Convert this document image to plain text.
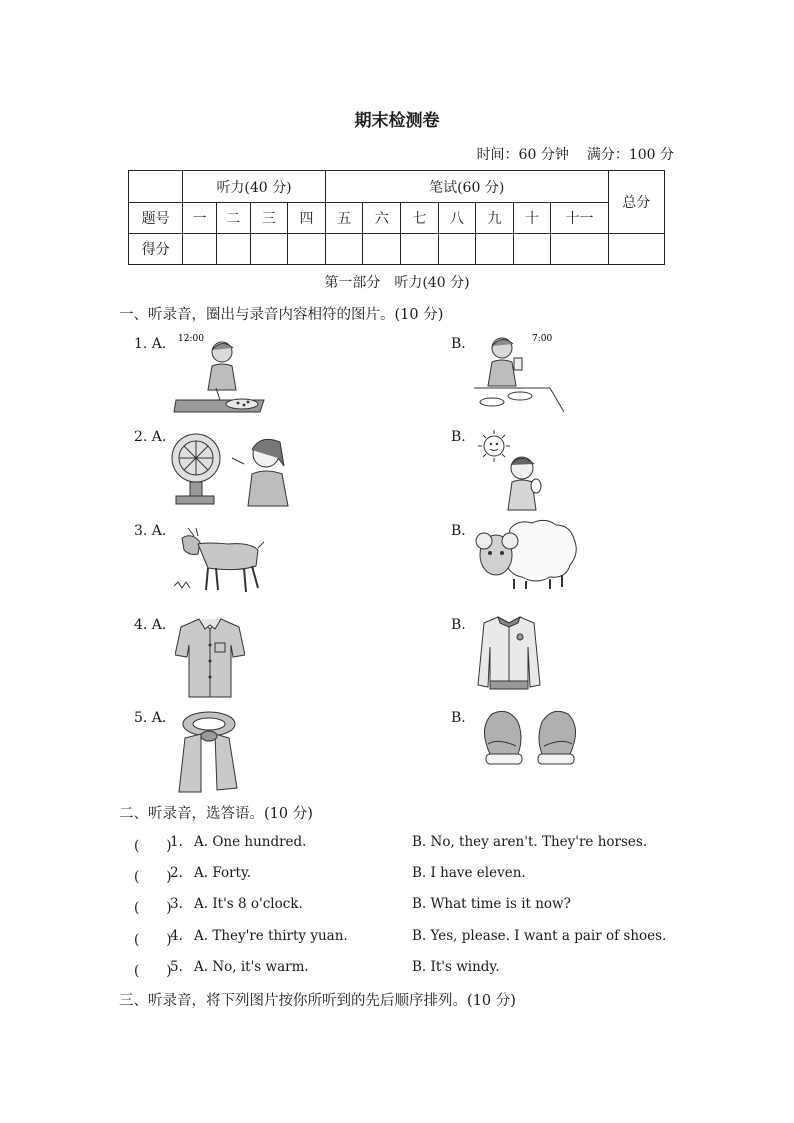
期末检测卷
时间：60 分钟 满分：100 分
	听力(40 分)				笔试(60 分)							总分
题号	一	二	三	四	五	六	七	八	九	十	十一	
得分												
第一部分　听力(40 分)
一、听录音，圈出与录音内容相符的图片。(10 分)
1. A. 12:00	B.	7:00
2. A.	B.
3. A.	B.
4. A.	B.
5. A.	B.
二、听录音，选答语。(10 分)
(　　)
1. A. One hundred.	B. No, they aren't. They're horses.
(　　)
2. A. Forty.	B. I have eleven.
(　　)
3. A. It's 8 o'clock.	B. What time is it now?
(　　)
4. A. They're thirty yuan.	B. Yes, please. I want a pair of shoes.
(　　)
5. A. No, it's warm.	B. It's windy.
三、听录音，将下列图片按你所听到的先后顺序排列。(10 分)
